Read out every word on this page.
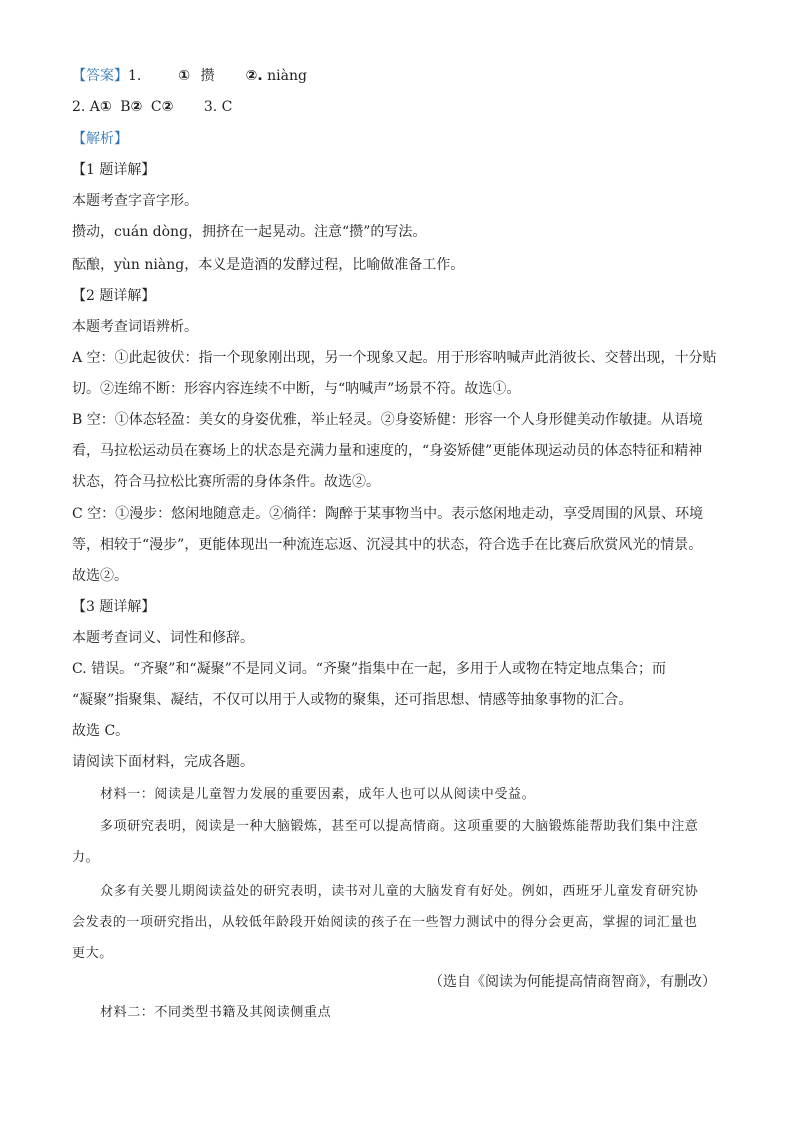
【答案】1.	① 攒 ②. niàng
2. A① B② C② 3. C
【解析】
【1 题详解】
本题考查字音字形。
攒动，cuán dòng，拥挤在一起晃动。注意“攒”的写法。
酝酿，yùn niàng，本义是造酒的发酵过程，比喻做准备工作。
【2 题详解】
本题考查词语辨析。
A 空：①此起彼伏：指一个现象刚出现，另一个现象又起。用于形容呐喊声此消彼长、交替出现，十分贴
切。②连绵不断：形容内容连续不中断，与“呐喊声”场景不符。故选①。
B 空：①体态轻盈：美女的身姿优雅，举止轻灵。②身姿矫健：形容一个人身形健美动作敏捷。从语境
看，马拉松运动员在赛场上的状态是充满力量和速度的，“身姿矫健”更能体现运动员的体态特征和精神
状态，符合马拉松比赛所需的身体条件。故选②。
C 空：①漫步：悠闲地随意走。②徜徉：陶醉于某事物当中。表示悠闲地走动，享受周围的风景、环境
等，相较于“漫步”，更能体现出一种流连忘返、沉浸其中的状态，符合选手在比赛后欣赏风光的情景。
故选②。
【3 题详解】
本题考查词义、词性和修辞。
C. 错误。“齐聚”和“凝聚”不是同义词。“齐聚”指集中在一起，多用于人或物在特定地点集合；而
“凝聚”指聚集、凝结，不仅可以用于人或物的聚集，还可指思想、情感等抽象事物的汇合。
故选 C。
请阅读下面材料，完成各题。
材料一：阅读是儿童智力发展的重要因素，成年人也可以从阅读中受益。
多项研究表明，阅读是一种大脑锻炼，甚至可以提高情商。这项重要的大脑锻炼能帮助我们集中注意
力。
众多有关婴儿期阅读益处的研究表明，读书对儿童的大脑发育有好处。例如，西班牙儿童发育研究协
会发表的一项研究指出，从较低年龄段开始阅读的孩子在一些智力测试中的得分会更高，掌握的词汇量也
更大。
（选自《阅读为何能提高情商智商》，有删改）
材料二：不同类型书籍及其阅读侧重点
